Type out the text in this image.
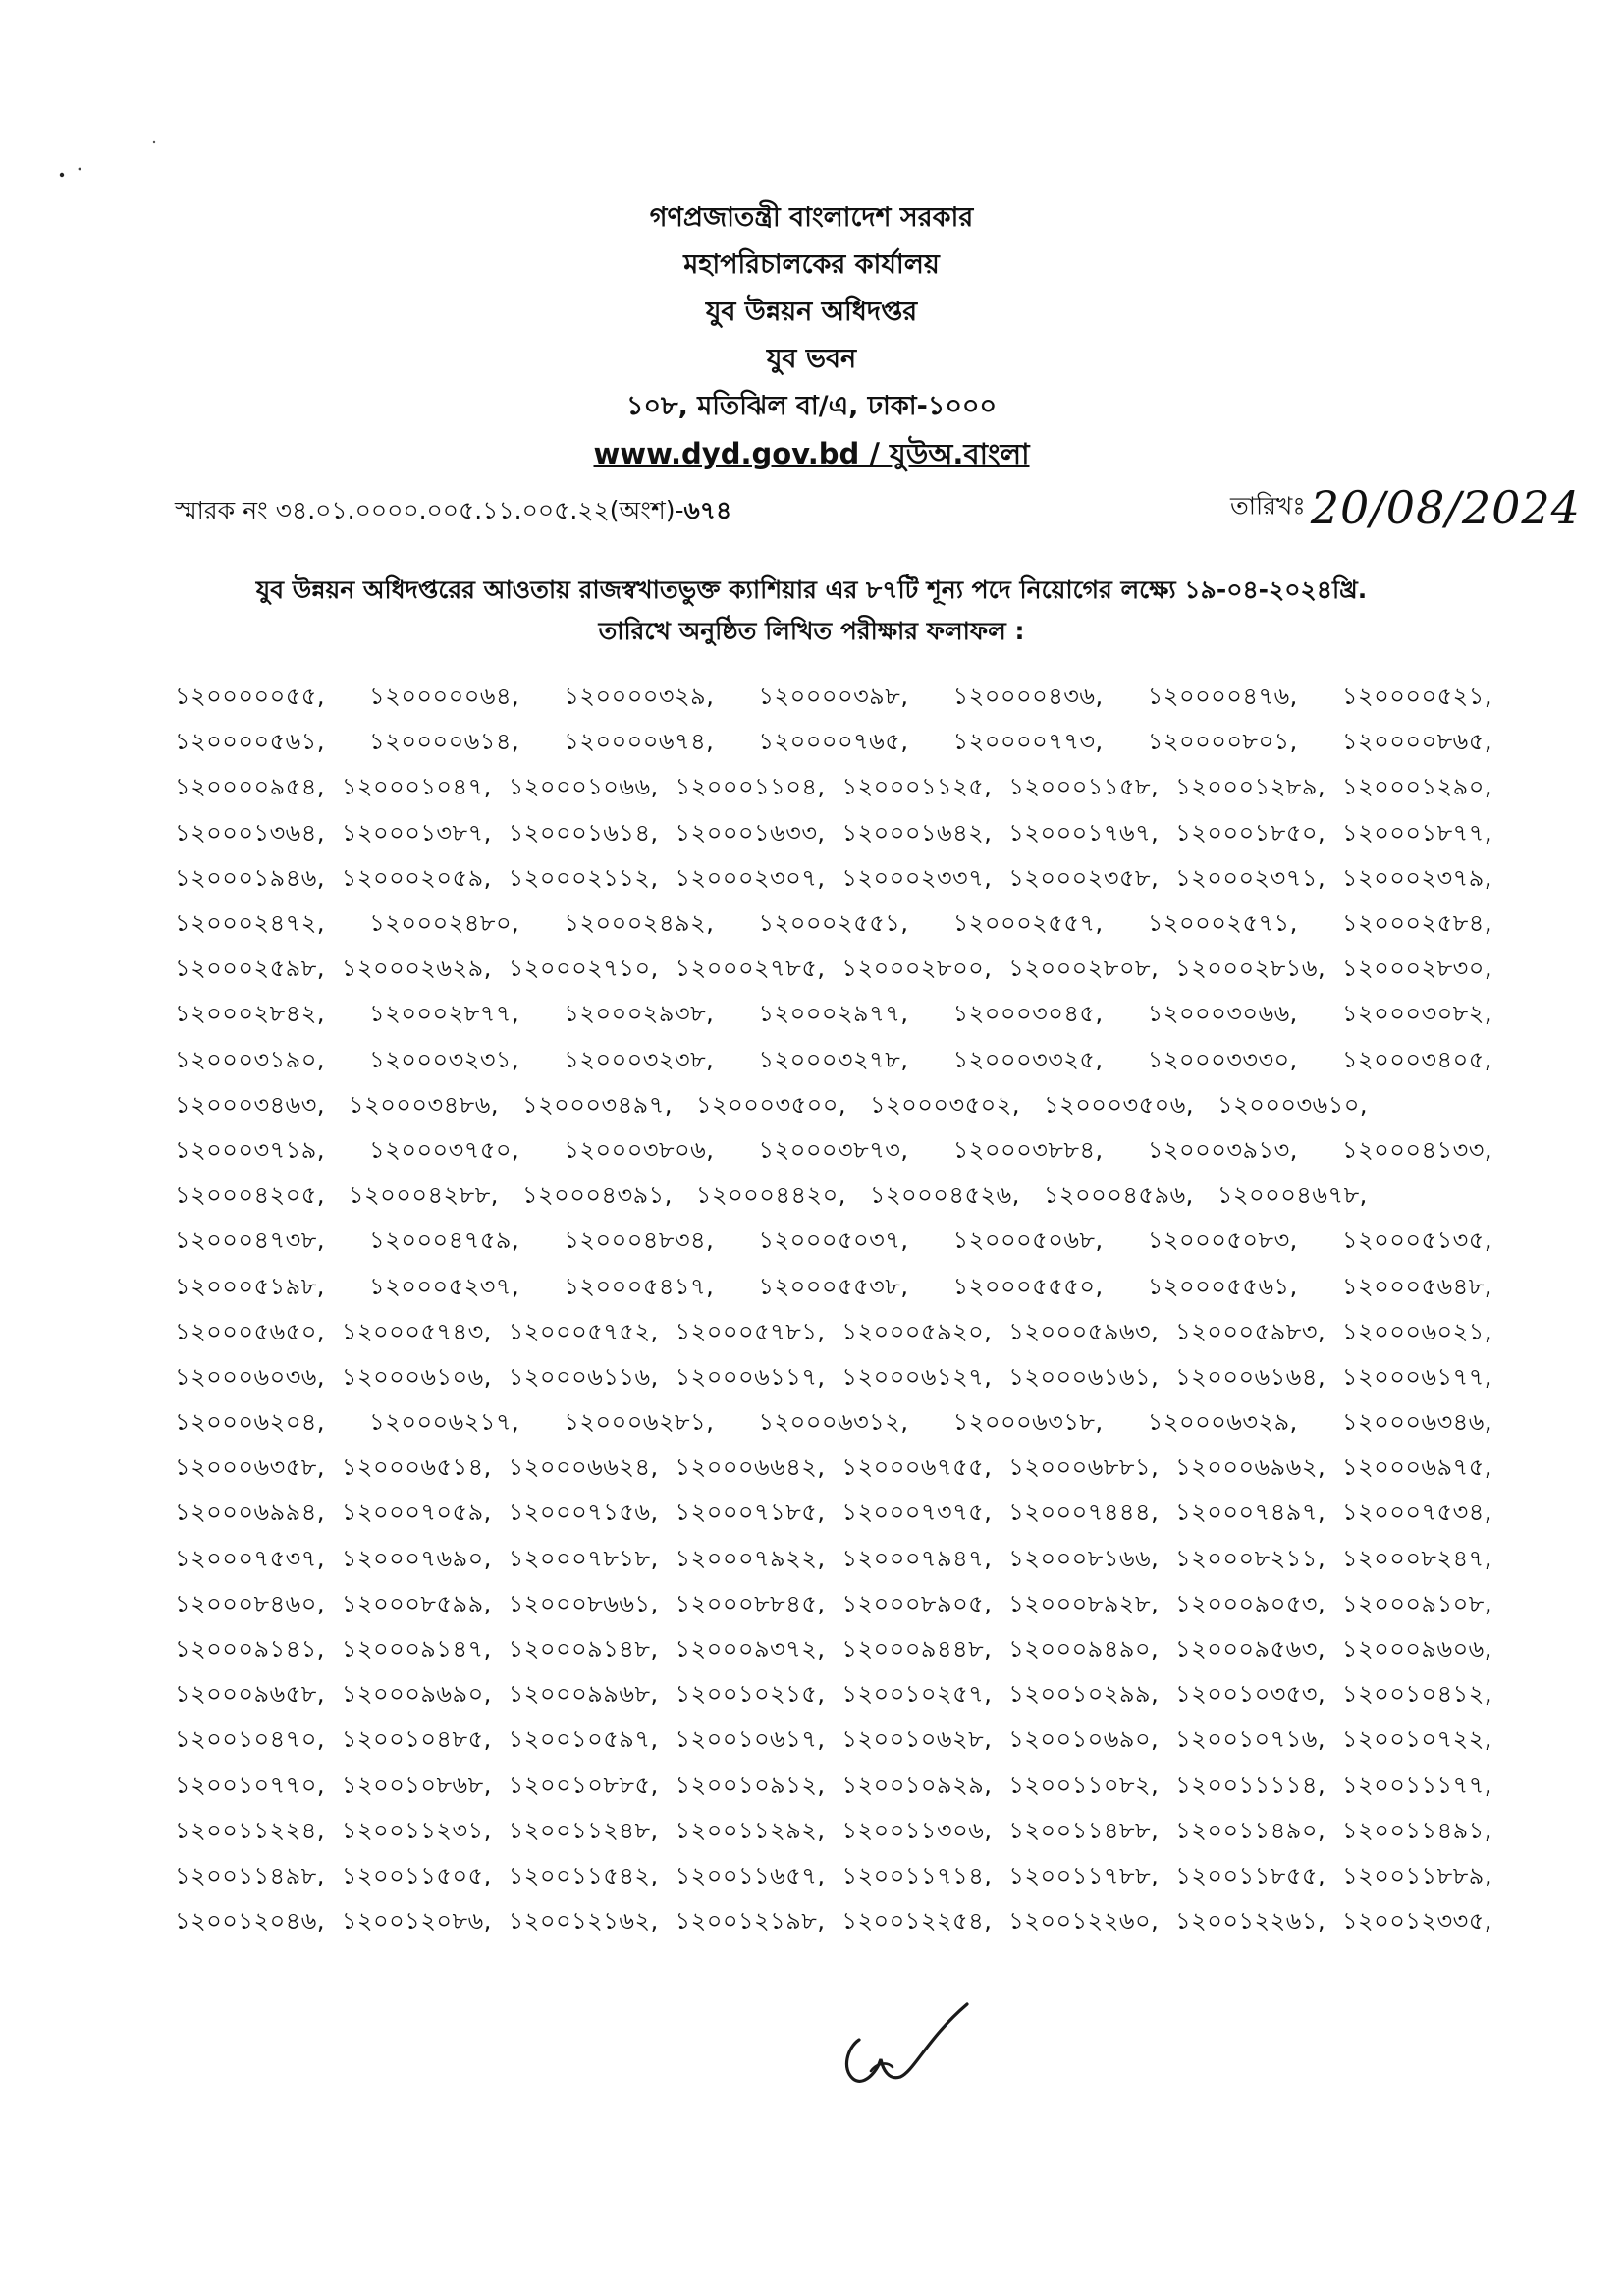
গণপ্রজাতন্ত্রী বাংলাদেশ সরকার
মহাপরিচালকের কার্যালয়
যুব উন্নয়ন অধিদপ্তর
যুব ভবন
১০৮, মতিঝিল বা/এ, ঢাকা-১০০০
www.dyd.gov.bd / যুউঅ.বাংলা
স্মারক নং ৩৪.০১.০০০০.০০৫.১১.০০৫.২২(অংশ)-৬৭৪	তারিখঃ 20/08/2024
যুব উন্নয়ন অধিদপ্তরের আওতায় রাজস্বখাতভুক্ত ক্যাশিয়ার এর ৮৭টি শূন্য পদে নিয়োগের লক্ষ্যে ১৯-০৪-২০২৪খ্রি.
তারিখে অনুষ্ঠিত লিখিত পরীক্ষার ফলাফল :
১২০০০০০৫৫, ১২০০০০০৬৪, ১২০০০০৩২৯, ১২০০০০৩৯৮, ১২০০০০৪৩৬, ১২০০০০৪৭৬, ১২০০০০৫২১,
১২০০০০৫৬১, ১২০০০০৬১৪, ১২০০০০৬৭৪, ১২০০০০৭৬৫, ১২০০০০৭৭৩, ১২০০০০৮০১, ১২০০০০৮৬৫,
১২০০০০৯৫৪, ১২০০০১০৪৭, ১২০০০১০৬৬, ১২০০০১১০৪, ১২০০০১১২৫, ১২০০০১১৫৮, ১২০০০১২৮৯, ১২০০০১২৯০,
১২০০০১৩৬৪, ১২০০০১৩৮৭, ১২০০০১৬১৪, ১২০০০১৬৩৩, ১২০০০১৬৪২, ১২০০০১৭৬৭, ১২০০০১৮৫০, ১২০০০১৮৭৭,
১২০০০১৯৪৬, ১২০০০২০৫৯, ১২০০০২১১২, ১২০০০২৩০৭, ১২০০০২৩৩৭, ১২০০০২৩৫৮, ১২০০০২৩৭১, ১২০০০২৩৭৯,
১২০০০২৪৭২, ১২০০০২৪৮০, ১২০০০২৪৯২, ১২০০০২৫৫১, ১২০০০২৫৫৭, ১২০০০২৫৭১, ১২০০০২৫৮৪,
১২০০০২৫৯৮, ১২০০০২৬২৯, ১২০০০২৭১০, ১২০০০২৭৮৫, ১২০০০২৮০০, ১২০০০২৮০৮, ১২০০০২৮১৬, ১২০০০২৮৩০,
১২০০০২৮৪২, ১২০০০২৮৭৭, ১২০০০২৯৩৮, ১২০০০২৯৭৭, ১২০০০৩০৪৫, ১২০০০৩০৬৬, ১২০০০৩০৮২,
১২০০০৩১৯০, ১২০০০৩২৩১, ১২০০০৩২৩৮, ১২০০০৩২৭৮, ১২০০০৩৩২৫, ১২০০০৩৩৩০, ১২০০০৩৪০৫,
১২০০০৩৪৬৩, ১২০০০৩৪৮৬, ১২০০০৩৪৯৭, ১২০০০৩৫০০, ১২০০০৩৫০২, ১২০০০৩৫০৬, ১২০০০৩৬১০,
১২০০০৩৭১৯, ১২০০০৩৭৫০, ১২০০০৩৮০৬, ১২০০০৩৮৭৩, ১২০০০৩৮৮৪, ১২০০০৩৯১৩, ১২০০০৪১৩৩,
১২০০০৪২০৫, ১২০০০৪২৮৮, ১২০০০৪৩৯১, ১২০০০৪৪২০, ১২০০০৪৫২৬, ১২০০০৪৫৯৬, ১২০০০৪৬৭৮,
১২০০০৪৭৩৮, ১২০০০৪৭৫৯, ১২০০০৪৮৩৪, ১২০০০৫০৩৭, ১২০০০৫০৬৮, ১২০০০৫০৮৩, ১২০০০৫১৩৫,
১২০০০৫১৯৮, ১২০০০৫২৩৭, ১২০০০৫৪১৭, ১২০০০৫৫৩৮, ১২০০০৫৫৫০, ১২০০০৫৫৬১, ১২০০০৫৬৪৮,
১২০০০৫৬৫০, ১২০০০৫৭৪৩, ১২০০০৫৭৫২, ১২০০০৫৭৮১, ১২০০০৫৯২০, ১২০০০৫৯৬৩, ১২০০০৫৯৮৩, ১২০০০৬০২১,
১২০০০৬০৩৬, ১২০০০৬১০৬, ১২০০০৬১১৬, ১২০০০৬১১৭, ১২০০০৬১২৭, ১২০০০৬১৬১, ১২০০০৬১৬৪, ১২০০০৬১৭৭,
১২০০০৬২০৪, ১২০০০৬২১৭, ১২০০০৬২৮১, ১২০০০৬৩১২, ১২০০০৬৩১৮, ১২০০০৬৩২৯, ১২০০০৬৩৪৬,
১২০০০৬৩৫৮, ১২০০০৬৫১৪, ১২০০০৬৬২৪, ১২০০০৬৬৪২, ১২০০০৬৭৫৫, ১২০০০৬৮৮১, ১২০০০৬৯৬২, ১২০০০৬৯৭৫,
১২০০০৬৯৯৪, ১২০০০৭০৫৯, ১২০০০৭১৫৬, ১২০০০৭১৮৫, ১২০০০৭৩৭৫, ১২০০০৭৪৪৪, ১২০০০৭৪৯৭, ১২০০০৭৫৩৪,
১২০০০৭৫৩৭, ১২০০০৭৬৯০, ১২০০০৭৮১৮, ১২০০০৭৯২২, ১২০০০৭৯৪৭, ১২০০০৮১৬৬, ১২০০০৮২১১, ১২০০০৮২৪৭,
১২০০০৮৪৬০, ১২০০০৮৫৯৯, ১২০০০৮৬৬১, ১২০০০৮৮৪৫, ১২০০০৮৯০৫, ১২০০০৮৯২৮, ১২০০০৯০৫৩, ১২০০০৯১০৮,
১২০০০৯১৪১, ১২০০০৯১৪৭, ১২০০০৯১৪৮, ১২০০০৯৩৭২, ১২০০০৯৪৪৮, ১২০০০৯৪৯০, ১২০০০৯৫৬৩, ১২০০০৯৬০৬,
১২০০০৯৬৫৮, ১২০০০৯৬৯০, ১২০০০৯৯৬৮, ১২০০১০২১৫, ১২০০১০২৫৭, ১২০০১০২৯৯, ১২০০১০৩৫৩, ১২০০১০৪১২,
১২০০১০৪৭০, ১২০০১০৪৮৫, ১২০০১০৫৯৭, ১২০০১০৬১৭, ১২০০১০৬২৮, ১২০০১০৬৯০, ১২০০১০৭১৬, ১২০০১০৭২২,
১২০০১০৭৭০, ১২০০১০৮৬৮, ১২০০১০৮৮৫, ১২০০১০৯১২, ১২০০১০৯২৯, ১২০০১১০৮২, ১২০০১১১১৪, ১২০০১১১৭৭,
১২০০১১২২৪, ১২০০১১২৩১, ১২০০১১২৪৮, ১২০০১১২৯২, ১২০০১১৩০৬, ১২০০১১৪৮৮, ১২০০১১৪৯০, ১২০০১১৪৯১,
১২০০১১৪৯৮, ১২০০১১৫০৫, ১২০০১১৫৪২, ১২০০১১৬৫৭, ১২০০১১৭১৪, ১২০০১১৭৮৮, ১২০০১১৮৫৫, ১২০০১১৮৮৯,
১২০০১২০৪৬, ১২০০১২০৮৬, ১২০০১২১৬২, ১২০০১২১৯৮, ১২০০১২২৫৪, ১২০০১২২৬০, ১২০০১২২৬১, ১২০০১২৩৩৫,
